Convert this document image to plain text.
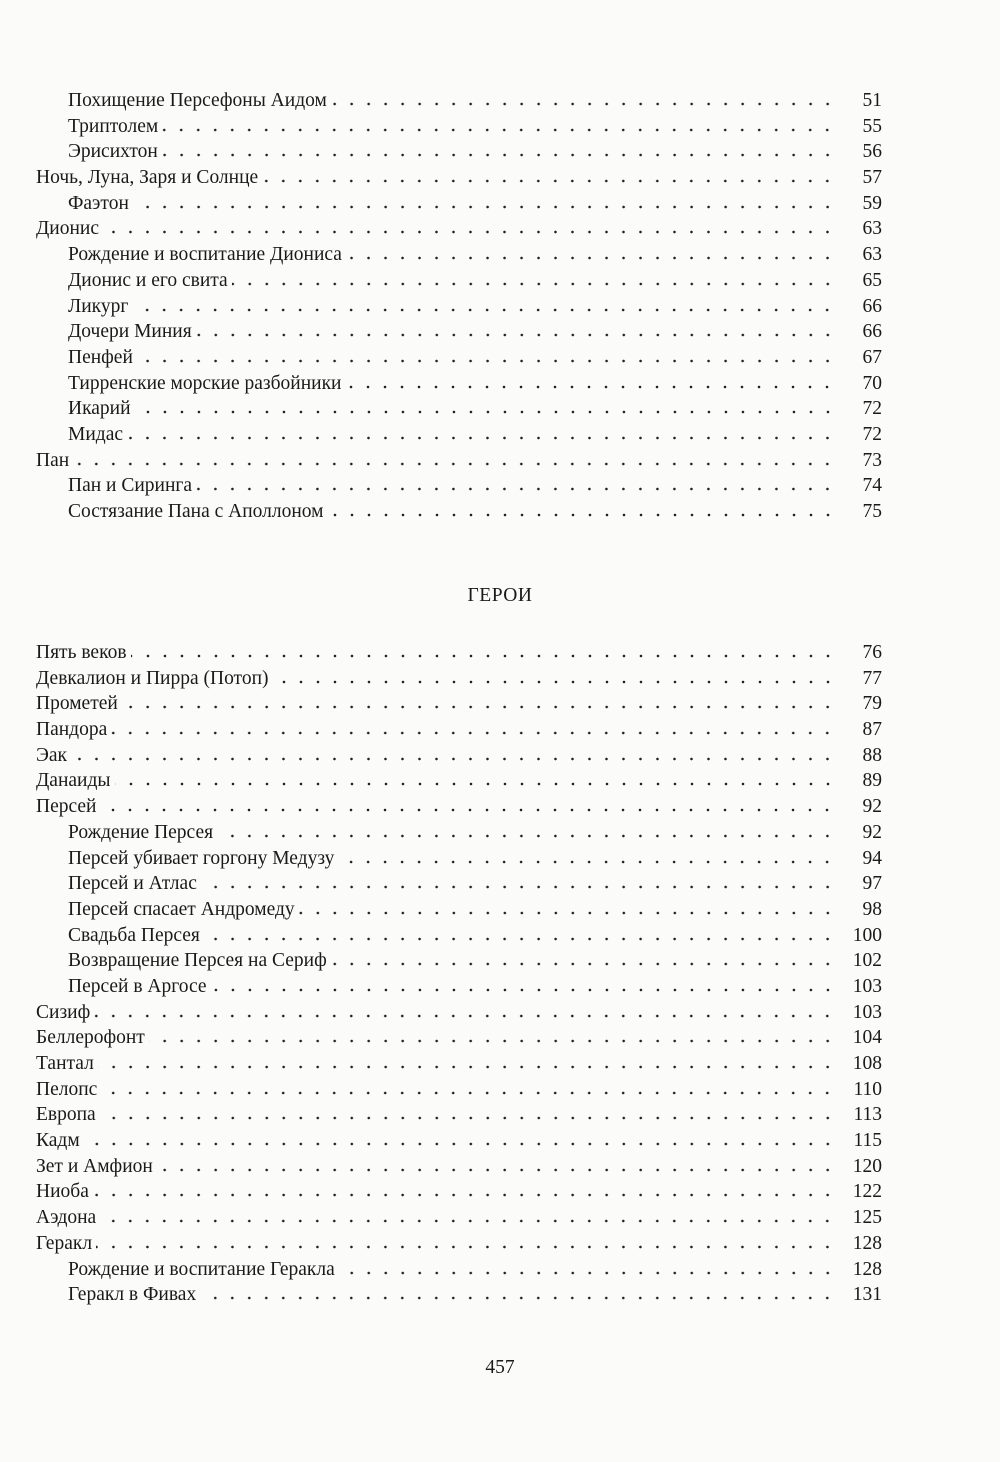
Похищение Персефоны Аидом	51
Триптолем	55
Эрисихтон	56
Ночь, Луна, Заря и Солнце	57
Фаэтон	59
Дионис	63
Рождение и воспитание Диониса	63
Дионис и его свита	65
Ликург	66
Дочери Миния	66
Пенфей	67
Тирренские морские разбойники	70
Икарий	72
Мидас	72
Пан	73
Пан и Сиринга	74
Состязание Пана с Аполлоном	75
ГЕРОИ
Пять веков	76
Девкалион и Пирра (Потоп)	77
Прометей	79
Пандора	87
Эак	88
Данаиды	89
Персей	92
Рождение Персея	92
Персей убивает горгону Медузу	94
Персей и Атлас	97
Персей спасает Андромеду	98
Свадьба Персея	100
Возвращение Персея на Сериф	102
Персей в Аргосе	103
Сизиф	103
Беллерофонт	104
Тантал	108
Пелопс	110
Европа	113
Кадм	115
Зет и Амфион	120
Ниоба	122
Аэдона	125
Геракл	128
Рождение и воспитание Геракла	128
Геракл в Фивах	131
457
